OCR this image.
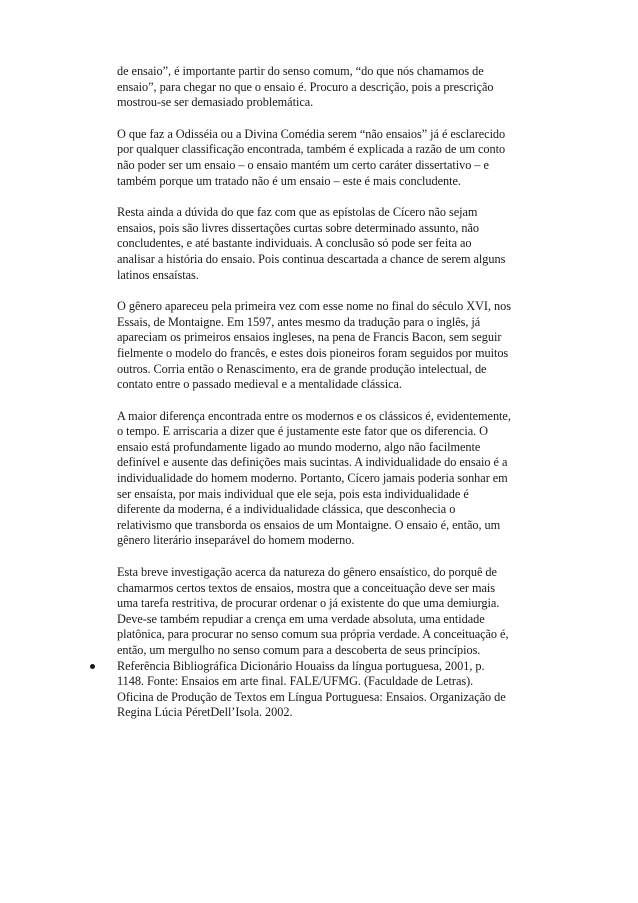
de ensaio”, é importante partir do senso comum, “do que nós chamamos de
ensaio”, para chegar no que o ensaio é. Procuro a descrição, pois a prescrição
mostrou-se ser demasiado problemática.

O que faz a Odisséia ou a Divina Comédia serem “não ensaios” já é esclarecido
por qualquer classificação encontrada, também é explicada a razão de um conto
não poder ser um ensaio – o ensaio mantém um certo caráter dissertativo – e
também porque um tratado não é um ensaio – este é mais concludente.

Resta ainda a dúvida do que faz com que as epístolas de Cícero não sejam
ensaios, pois são livres dissertações curtas sobre determinado assunto, não
concludentes, e até bastante individuais. A conclusão só pode ser feita ao
analisar a história do ensaio. Pois continua descartada a chance de serem alguns
latinos ensaístas.

O gênero apareceu pela primeira vez com esse nome no final do século XVI, nos
Essais, de Montaigne. Em 1597, antes mesmo da tradução para o inglês, já
apareciam os primeiros ensaios ingleses, na pena de Francis Bacon, sem seguir
fielmente o modelo do francês, e estes dois pioneiros foram seguidos por muitos
outros. Corria então o Renascimento, era de grande produção intelectual, de
contato entre o passado medieval e a mentalidade clássica.

A maior diferença encontrada entre os modernos e os clássicos é, evidentemente,
o tempo. E arriscaria a dizer que é justamente este fator que os diferencia. O
ensaio está profundamente ligado ao mundo moderno, algo não facilmente
definível e ausente das definições mais sucintas. A individualidade do ensaio é a
individualidade do homem moderno. Portanto, Cícero jamais poderia sonhar em
ser ensaísta, por mais individual que ele seja, pois esta individualidade é
diferente da moderna, é a individualidade clássica, que desconhecia o
relativismo que transborda os ensaios de um Montaigne. O ensaio é, então, um
gênero literário inseparável do homem moderno.

Esta breve investigação acerca da natureza do gênero ensaístico, do porquê de
chamarmos certos textos de ensaios, mostra que a conceituação deve ser mais
uma tarefa restritiva, de procurar ordenar o já existente do que uma demiurgia.
Deve-se também repudiar a crença em uma verdade absoluta, uma entidade
platônica, para procurar no senso comum sua própria verdade. A conceituação é,
então, um mergulho no senso comum para a descoberta de seus princípios.

Referência Bibliográfica Dicionário Houaiss da língua portuguesa, 2001, p.
1148. Fonte: Ensaios em arte final. FALE/UFMG. (Faculdade de Letras).
Oficina de Produção de Textos em Língua Portuguesa: Ensaios. Organização de
Regina Lúcia PéretDell’Isola. 2002.
